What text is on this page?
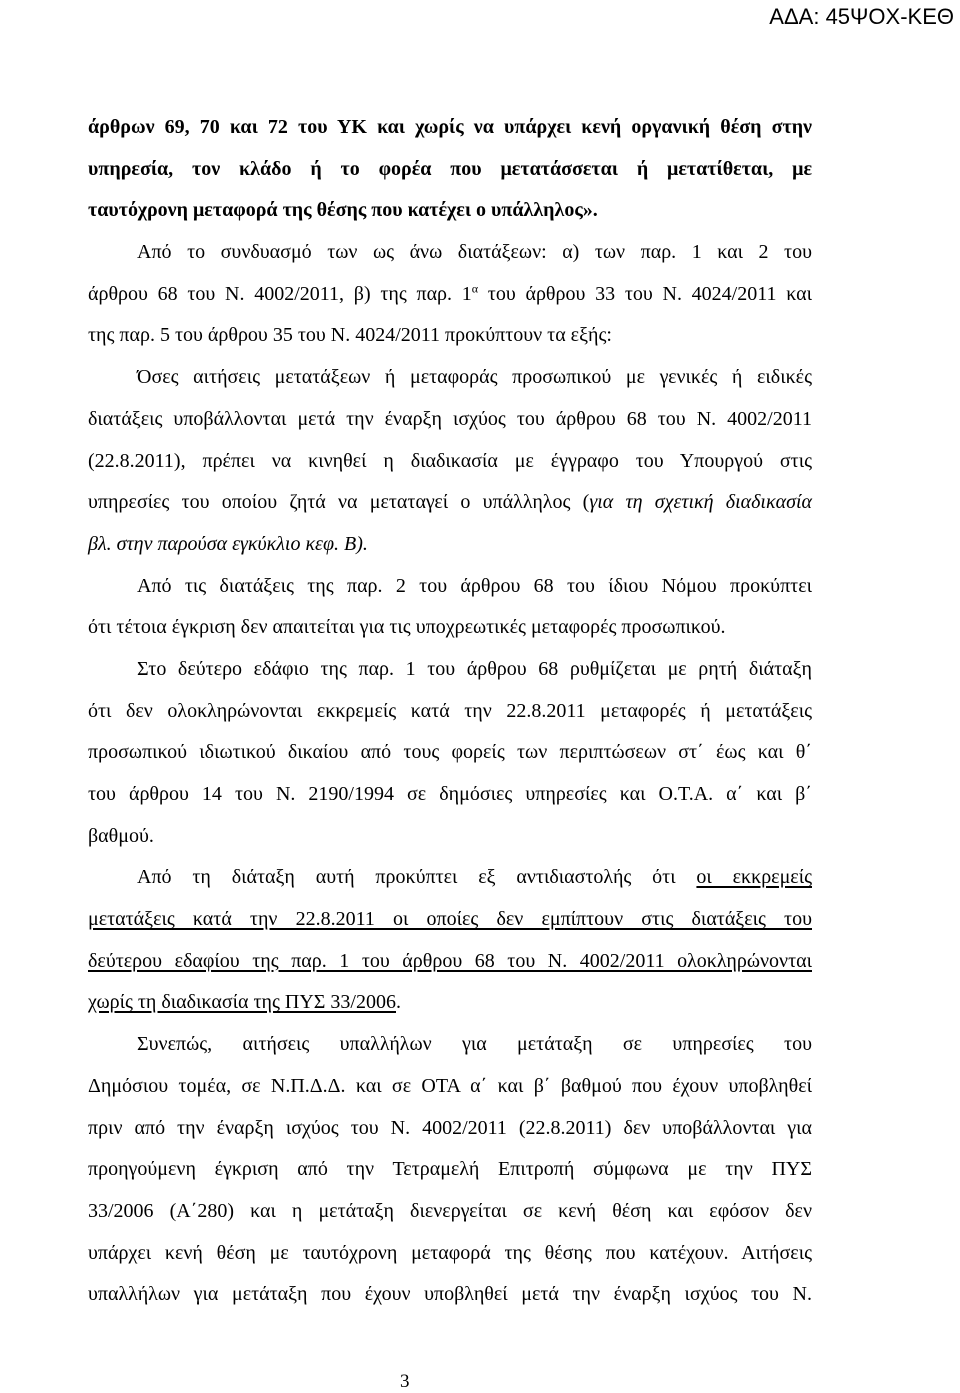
ΑΔΑ: 45ΨΟΧ-ΚΕΘ
άρθρων 69, 70 και 72 του ΥΚ και χωρίς να υπάρχει κενή οργανική θέση στην
υπηρεσία, τον κλάδο ή το φορέα που μετατάσσεται ή μετατίθεται, με
ταυτόχρονη μεταφορά της θέσης που κατέχει ο υπάλληλος».
Από το συνδυασμό των ως άνω διατάξεων: α) των παρ. 1 και 2 του
άρθρου 68 του Ν. 4002/2011, β) της παρ. $1^\alpha$ του άρθρου 33 του Ν. 4024/2011 και
της παρ. 5 του άρθρου 35 του Ν. 4024/2011 προκύπτουν τα εξής:
Όσες αιτήσεις μετατάξεων ή μεταφοράς προσωπικού με γενικές ή ειδικές
διατάξεις υποβάλλονται μετά την έναρξη ισχύος του άρθρου 68 του Ν. 4002/2011
(22.8.2011), πρέπει να κινηθεί η διαδικασία με έγγραφο του Υπουργού στις
υπηρεσίες του οποίου ζητά να μεταταγεί ο υπάλληλος (για τη σχετική διαδικασία
βλ. στην παρούσα εγκύκλιο κεφ. Β).
Από τις διατάξεις της παρ. 2 του άρθρου 68 του ίδιου Νόμου προκύπτει
ότι τέτοια έγκριση δεν απαιτείται για τις υποχρεωτικές μεταφορές προσωπικού.
Στο δεύτερο εδάφιο της παρ. 1 του άρθρου 68 ρυθμίζεται με ρητή διάταξη
ότι δεν ολοκληρώνονται εκκρεμείς κατά την 22.8.2011 μεταφορές ή μετατάξεις
προσωπικού ιδιωτικού δικαίου από τους φορείς των περιπτώσεων στ΄ έως και θ΄
του άρθρου 14 του Ν. 2190/1994 σε δημόσιες υπηρεσίες και Ο.Τ.Α. α΄ και β΄
βαθμού.
Από τη διάταξη αυτή προκύπτει εξ αντιδιαστολής ότι οι εκκρεμείς
μετατάξεις κατά την 22.8.2011 οι οποίες δεν εμπίπτουν στις διατάξεις του
δεύτερου εδαφίου της παρ. 1 του άρθρου 68 του Ν. 4002/2011 ολοκληρώνονται
χωρίς τη διαδικασία της ΠΥΣ 33/2006.
Συνεπώς, αιτήσεις υπαλλήλων για μετάταξη σε υπηρεσίες του
Δημόσιου τομέα, σε Ν.Π.Δ.Δ. και σε ΟΤΑ α΄ και β΄ βαθμού που έχουν υποβληθεί
πριν από την έναρξη ισχύος του Ν. 4002/2011 (22.8.2011) δεν υποβάλλονται για
προηγούμενη έγκριση από την Τετραμελή Επιτροπή σύμφωνα με την ΠΥΣ
33/2006 (Α΄280) και η μετάταξη διενεργείται σε κενή θέση και εφόσον δεν
υπάρχει κενή θέση με ταυτόχρονη μεταφορά της θέσης που κατέχουν. Αιτήσεις
υπαλλήλων για μετάταξη που έχουν υποβληθεί μετά την έναρξη ισχύος του Ν.
3
